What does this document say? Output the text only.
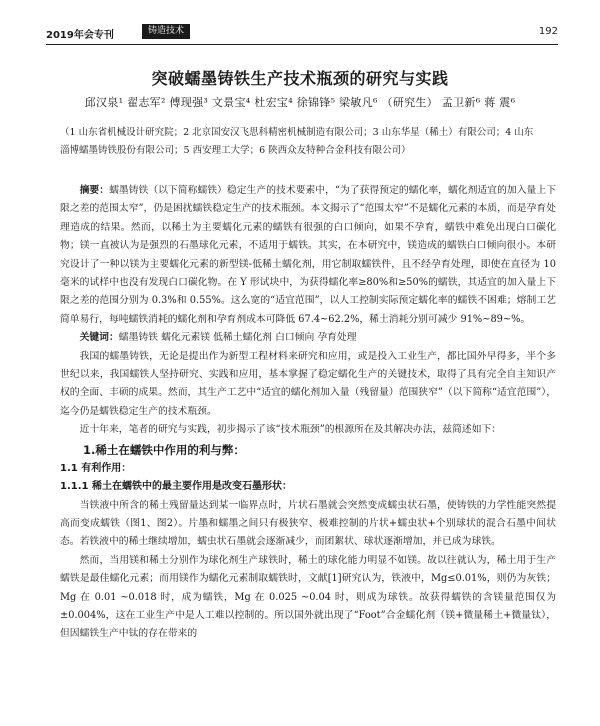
2019年会专刊	铸造技术	192
突破蠕墨铸铁生产技术瓶颈的研究与实践
邱汉泉¹ 翟志军² 傅现强³ 文景宝⁴ 杜宏宝⁴ 徐锦锋⁵ 梁敏凡⁶ （研究生） 孟卫新⁶ 蒋 震⁶
（1 山东省机械设计研究院；2 北京国安汉飞思科精密机械制造有限公司；3 山东华星（稀土）有限公司；4 山东淄博蠕墨铸铁股份有限公司；5 西安理工大学；6 陕西众友特种合金科技有限公司）

摘要：蠕墨铸铁（以下简称蠕铁）稳定生产的技术要素中，“为了获得预定的蠕化率，蠕化剂适宜的加入量上下限之差的范围太窄”，仍是困扰蠕铁稳定生产的技术瓶颈。本文揭示了“范围太窄”不是蠕化元素的本质，而是孕育处理造成的结果。然而，以稀土为主要蠕化元素的蠕铁有很强的白口倾向，如果不孕育，蠕铁中难免出现白口碳化物；镁一直被认为是强烈的石墨球化元素，不适用于蠕铁。其实，在本研究中，镁造成的蠕铁白口倾向很小。本研究设计了一种以镁为主要蠕化元素的新型镁-低稀土蠕化剂，用它制取蠕铁件，且不经孕育处理，即使在直径为 10 毫米的试样中也没有发现白口碳化物。在 Y 形试块中，为获得蠕化率≥80%和≥50%的蠕铁，其适宜的加入量上下限之差的范围分别为 0.3%和 0.55%。这么宽的“适宜范围”，以人工控制实际预定蠕化率的蠕铁不困难；熔制工艺简单易行，每吨蠕铁消耗的蠕化剂和孕育剂成本可降低 67.4~62.2%，稀土消耗分别可减少 91%~89~%。

关键词：蠕墨铸铁 蠕化元素镁 低稀土蠕化剂 白口倾向 孕育处理

我国的蠕墨铸铁，无论是提出作为新型工程材料来研究和应用，或是投入工业生产，都比国外早得多，半个多世纪以来，我国蠕铁人坚持研究、实践和应用，基本掌握了稳定蠕化生产的关键技术，取得了具有完全自主知识产权的全面、丰硕的成果。然而，其生产工艺中“适宜的蠕化剂加入量（残留量）范围狭窄”（以下简称“适宜范围”），迄今仍是蠕铁稳定生产的技术瓶颈。

近十年来，笔者的研究与实践，初步揭示了该“技术瓶颈”的根源所在及其解决办法，兹简述如下：

1.稀土在蠕铁中作用的利与弊：

1.1 有利作用：

1.1.1 稀土在蠕铁中的最主要作用是改变石墨形状：

当铁液中所含的稀土残留量达到某一临界点时，片状石墨就会突然变成蠕虫状石墨，使铸铁的力学性能突然提高而变成蠕铁（图1、图2）。片墨和蠕墨之间只有极狭窄、极难控制的片状+蠕虫状+个别球状的混合石墨中间状态。若铁液中的稀土继续增加，蠕虫状石墨就会逐渐减少，而团絮状、球状逐渐增加，并已成为球铁。

然而，当用镁和稀土分别作为球化剂生产球铁时，稀土的球化能力明显不如镁。故以往就认为，稀土用于生产蠕铁是最佳蠕化元素；而用镁作为蠕化元素制取蠕铁时，文献[1]研究认为，铁液中，Mg≤0.01%，则仍为灰铁；Mg 在 0.01 ~0.018 时，成为蠕铁，Mg 在 0.025 ~0.04 时，则成为球铁。故获得蠕铁的含镁量范围仅为±0.004%，这在工业生产中是人工难以控制的。所以国外就出现了“Foot”合金蠕化剂（镁+微量稀土+微量钛），但因蠕铁生产中钛的存在带来的
